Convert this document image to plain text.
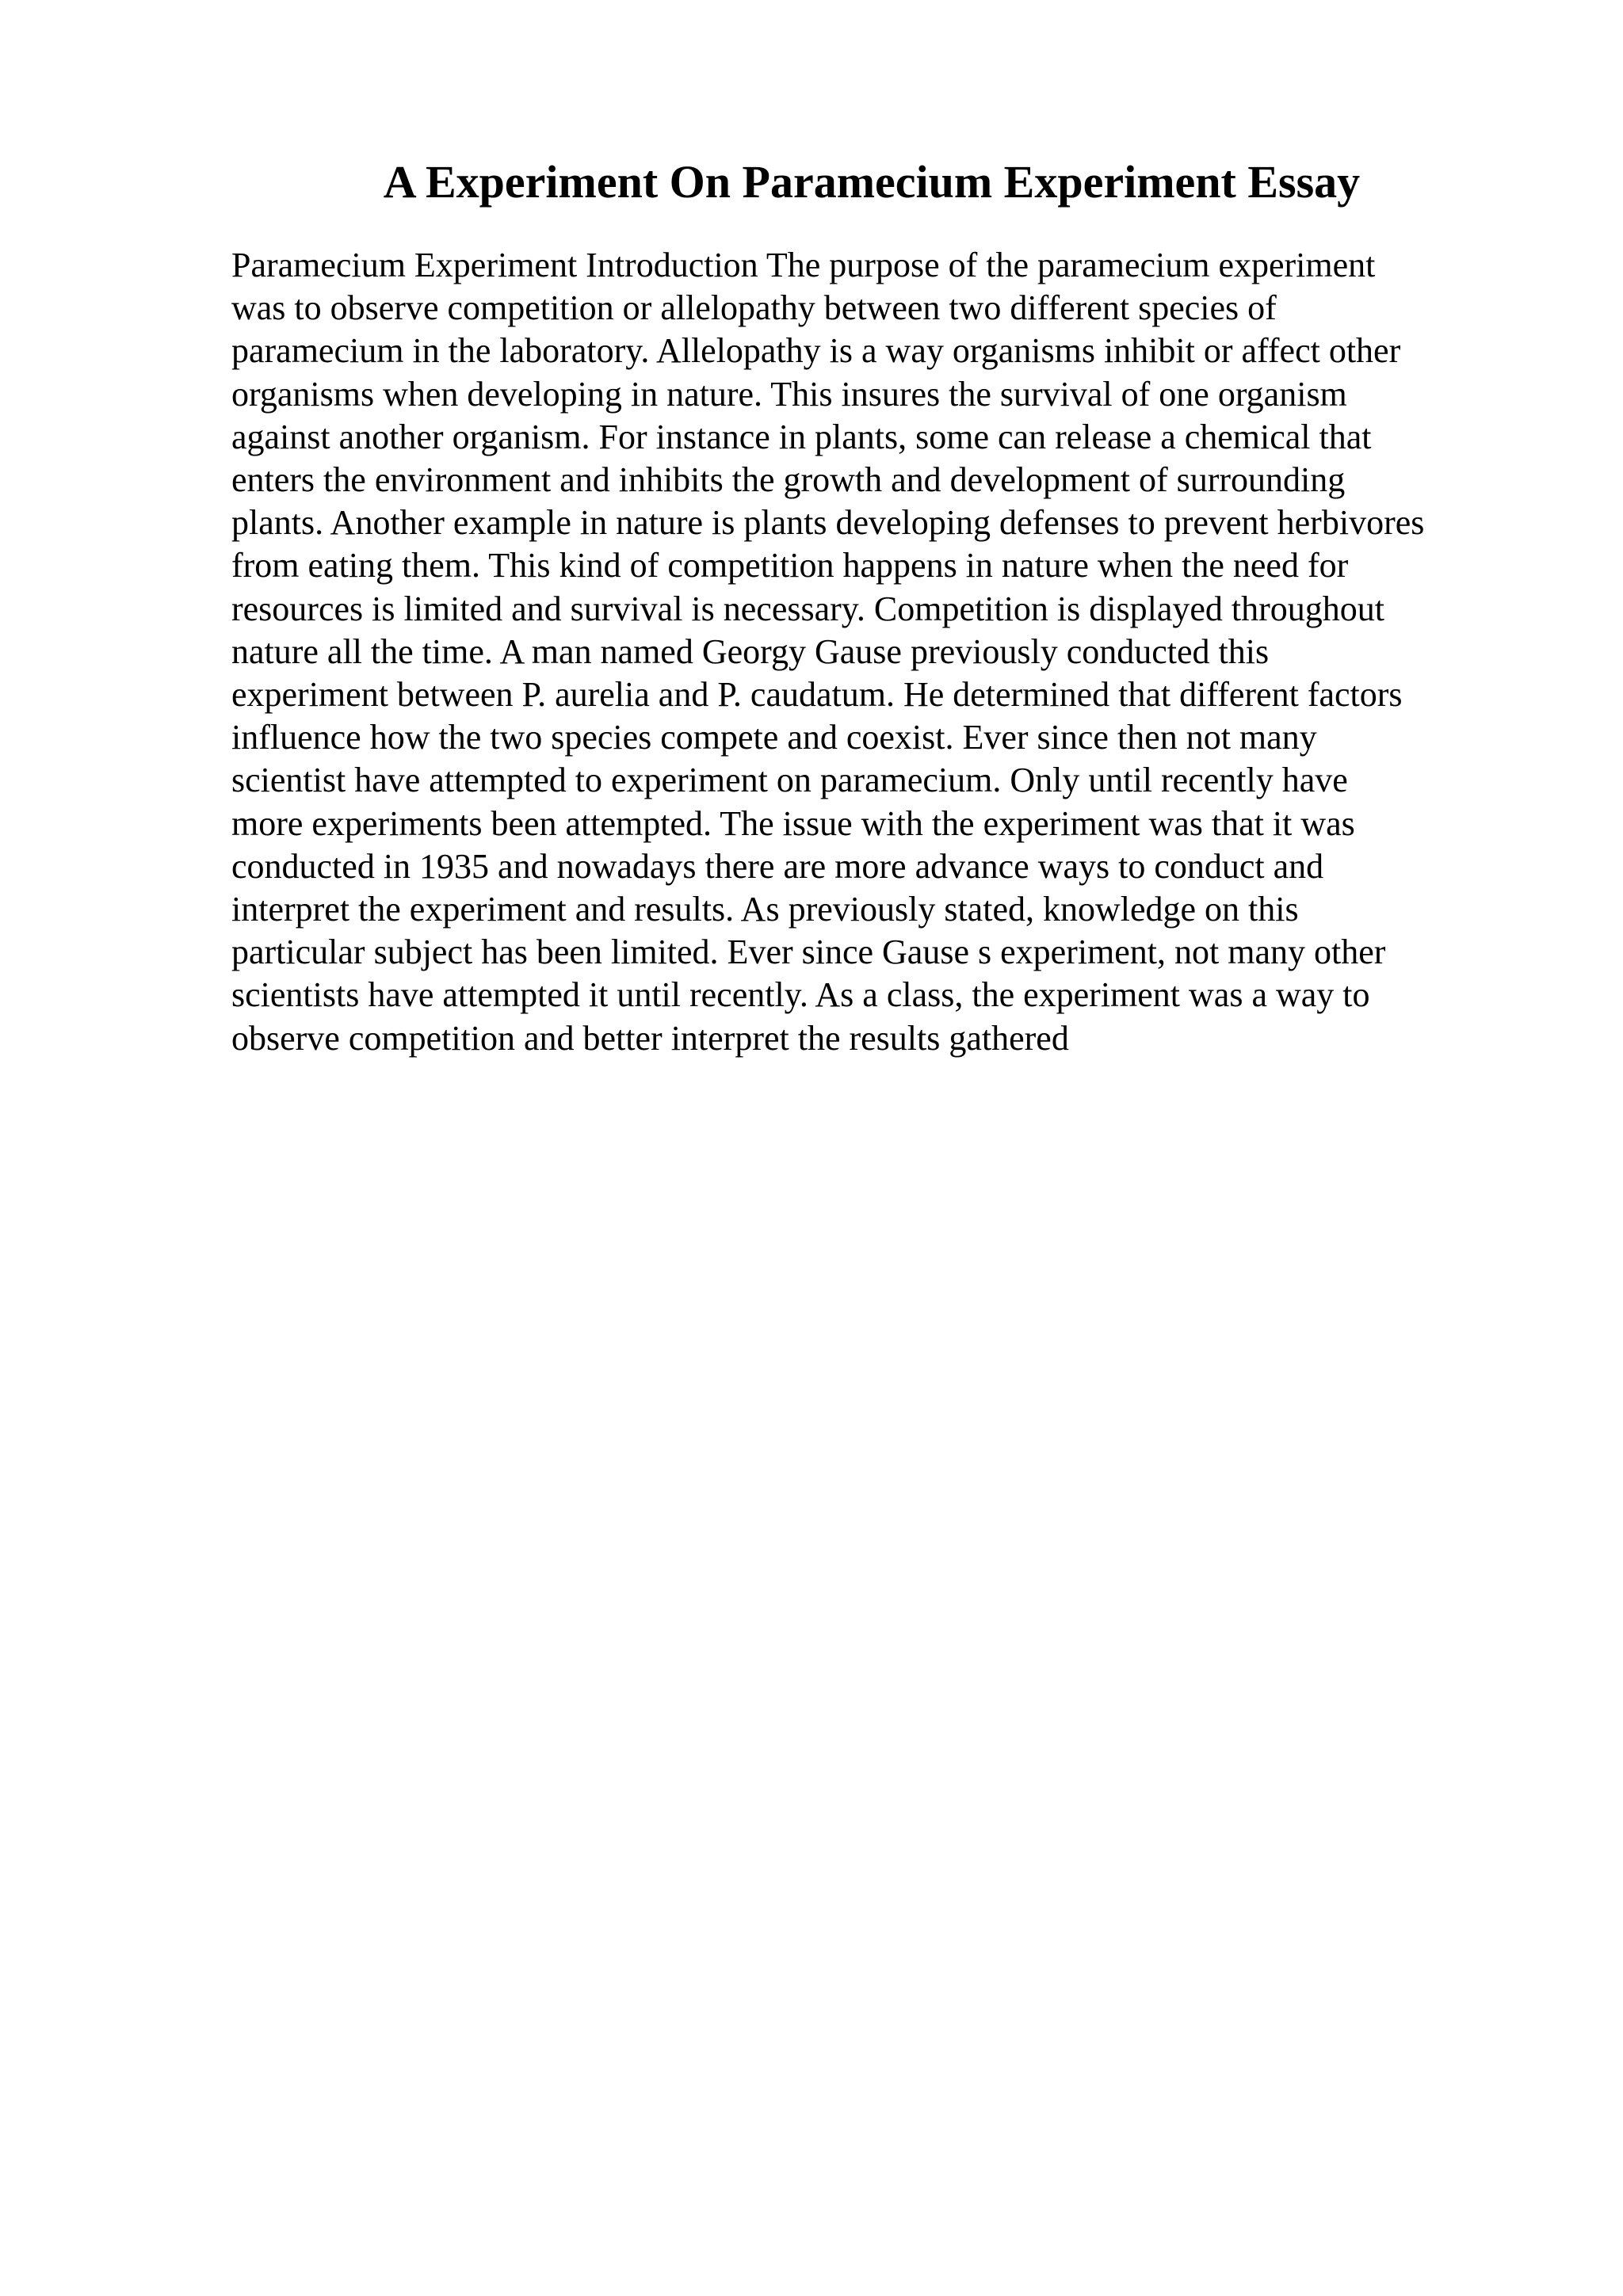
A Experiment On Paramecium Experiment Essay
Paramecium Experiment Introduction The purpose of the paramecium experiment
was to observe competition or allelopathy between two different species of
paramecium in the laboratory. Allelopathy is a way organisms inhibit or affect other
organisms when developing in nature. This insures the survival of one organism
against another organism. For instance in plants, some can release a chemical that
enters the environment and inhibits the growth and development of surrounding
plants. Another example in nature is plants developing defenses to prevent herbivores
from eating them. This kind of competition happens in nature when the need for
resources is limited and survival is necessary. Competition is displayed throughout
nature all the time. A man named Georgy Gause previously conducted this
experiment between P. aurelia and P. caudatum. He determined that different factors
influence how the two species compete and coexist. Ever since then not many
scientist have attempted to experiment on paramecium. Only until recently have
more experiments been attempted. The issue with the experiment was that it was
conducted in 1935 and nowadays there are more advance ways to conduct and
interpret the experiment and results. As previously stated, knowledge on this
particular subject has been limited. Ever since Gause s experiment, not many other
scientists have attempted it until recently. As a class, the experiment was a way to
observe competition and better interpret the results gathered
